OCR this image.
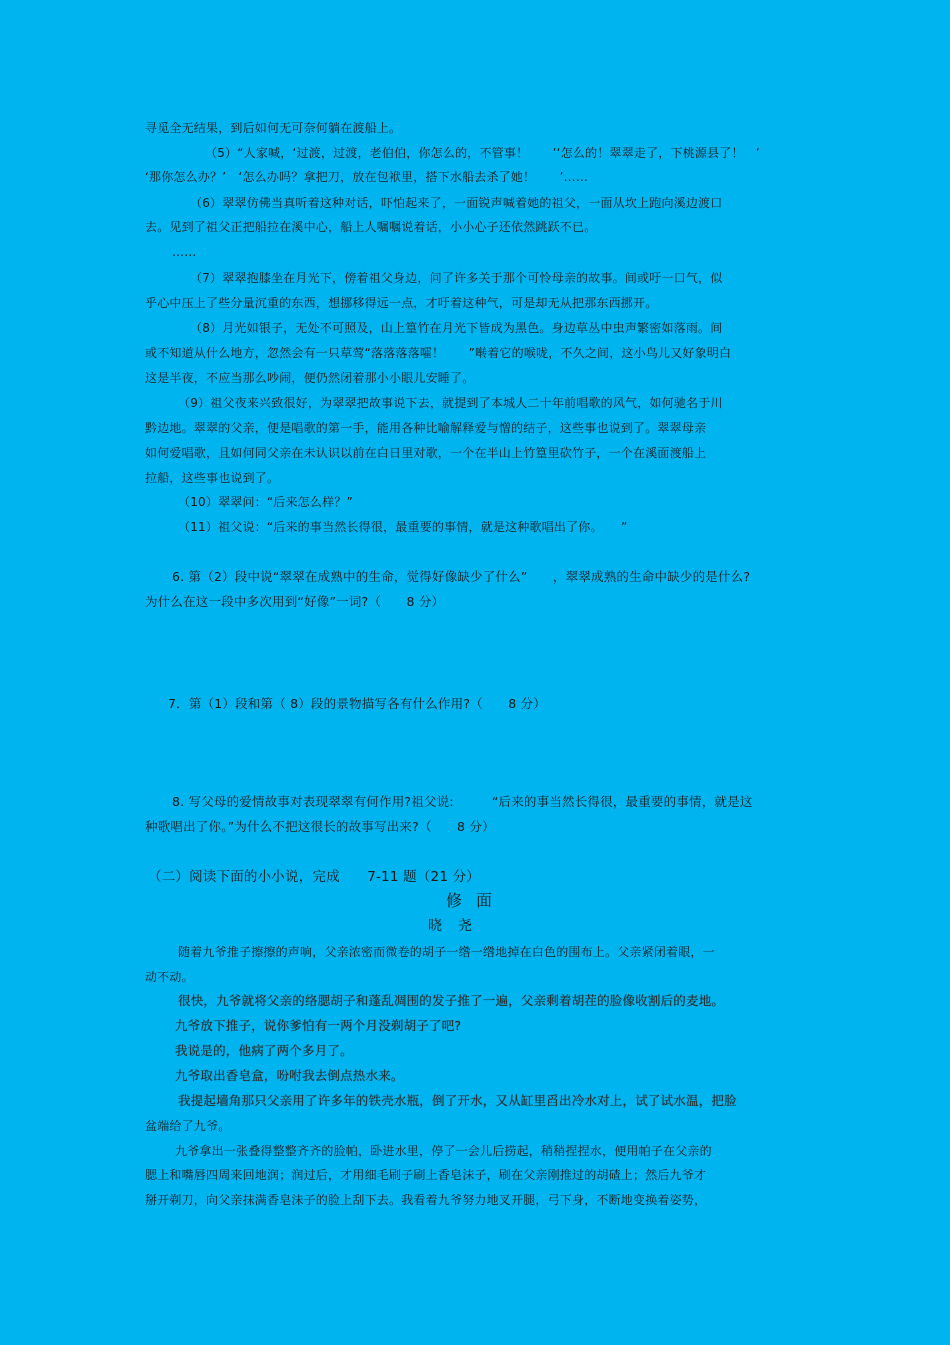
寻觅全无结果，到后如何无可奈何躺在渡船上。
（5）“人家喊，‘过渡，过渡，老伯伯，你怎么的，不管事！　　’‘怎么的！翠翠走了，下桃源县了！　’
‘那你怎么办？’　‘怎么办吗？拿把刀，放在包袱里，搭下水船去杀了她！　　’……
（6）翠翠仿佛当真听着这种对话，吓怕起来了，一面锐声喊着她的祖父，一面从坎上跑向溪边渡口
去。见到了祖父正把船拉在溪中心，船上人嘱嘱说着话，小小心子还依然跳跃不已。
……
（7）翠翠抱膝坐在月光下，傍着祖父身边，问了许多关于那个可怜母亲的故事。间或吁一口气，似
乎心中压上了些分量沉重的东西，想挪移得远一点，才吁着这种气，可是却无从把那东西挪开。
（8）月光如银子，无处不可照及，山上篁竹在月光下皆成为黑色。身边草丛中虫声繁密如落雨。间
或不知道从什么地方，忽然会有一只草莺“落落落落嚯！　　”啭着它的喉咙，不久之间，这小鸟儿又好象明白
这是半夜，不应当那么吵闹，便仍然闭着那小小眼儿安睡了。
（9）祖父夜来兴致很好，为翠翠把故事说下去，就提到了本城人二十年前唱歌的风气，如何驰名于川
黔边地。翠翠的父亲，便是唱歌的第一手，能用各种比喻解释爱与憎的结子，这些事也说到了。翠翠母亲
如何爱唱歌，且如何同父亲在未认识以前在白日里对歌，一个在半山上竹篁里砍竹子，一个在溪面渡船上
拉船，这些事也说到了。
（10）翠翠问：“后来怎么样？”
（11）祖父说：“后来的事当然长得很，最重要的事情，就是这种歌唱出了你。　　”
6. 第（2）段中说“翠翠在成熟中的生命，觉得好像缺少了什么”　　，翠翠成熟的生命中缺少的是什么?
为什么在这一段中多次用到“好像”一词?（　　8 分）
7．第（1）段和第（ 8）段的景物描写各有什么作用?（　　8 分）
8. 写父母的爱情故事对表现翠翠有何作用?祖父说:　　　“后来的事当然长得很，最重要的事情，就是这
种歌唱出了你。”为什么不把这很长的故事写出来?（　　8 分）
（二）阅读下面的小小说，完成　　7-11 题（21 分）
修面
晓尧
随着九爷推子擦擦的声响，父亲浓密而微卷的胡子一绺一绺地掉在白色的围布上。父亲紧闭着眼，一
动不动。
很快，九爷就将父亲的络腮胡子和蓬乱凋围的发子推了一遍，父亲剩着胡茬的脸像收割后的麦地。
九爷放下推子，说你爹怕有一两个月没剃胡子了吧?
我说是的，他病了两个多月了。
九爷取出香皂盒，吩咐我去倒点热水来。
我提起墙角那只父亲用了许多年的铁壳水瓶，倒了开水，又从缸里舀出冷水对上，试了试水温，把脸
盆端给了九爷。
九爷拿出一张叠得整整齐齐的脸帕，卧进水里，停了一会儿后捞起，稍稍捏捏水，便用帕子在父亲的
腮上和嘴唇四周来回地润；润过后，才用细毛刷子刷上香皂沫子，刷在父亲刚推过的胡碴上；然后九爷才
掰开剃刀，向父亲抹满香皂沫子的脸上刮下去。我看着九爷努力地叉开腿，弓下身，不断地变换着姿势，
